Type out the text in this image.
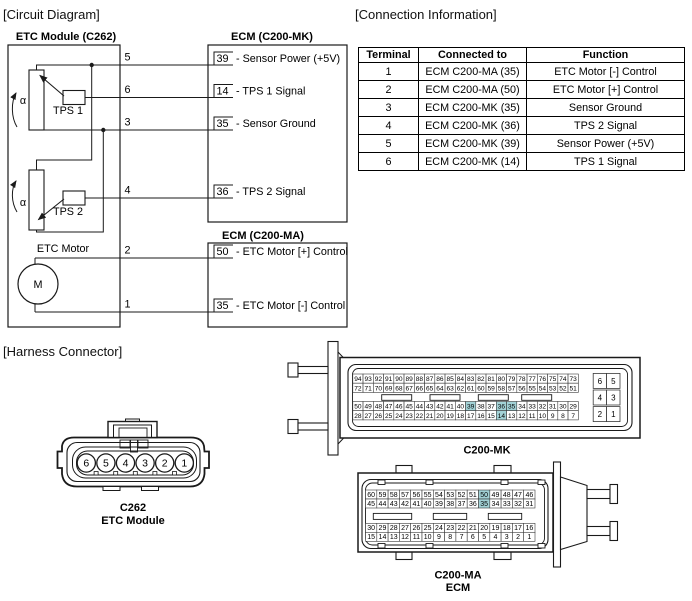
ETC Module (C262)	ECM (C200-MK)
ECM (C200-MA)
α
TPS 1
α
TPS 2
ETC Motor
M
5	39 - Sensor Power (+5V)
6	14 - TPS 1 Signal
3	35 - Sensor Ground
4	36 - TPS 2 Signal
2	50 - ETC Motor [+] Control
1	35 - ETC Motor [-] Control
6 5 4 3 2 1
C262
ETC Module
94 93 92 91 90 89 88 87 86 85 84 83 82 81 80 79 78 77 76 75 74 73
72 71 70 69 68 67 66 65 64 63 62 61 60 59 58 57 56 55 54 53 52 51
50 49 48 47 46 45 44 43 42 41 40 39 38 37 36 35 34 33 32 31 30 29
28 27 26 25 24 23 22 21 20 19 18 17 16 15 14 13 12 11 10 9 8 7
6 5
4 3
2 1
C200-MK
60 59 58 57 56 55 54 53 52 51 50 49 48 47 46
45 44 43 42 41 40 39 38 37 36 35 34 33 32 31
30 29 28 27 26 25 24 23 22 21 20 19 18 17 16
15 14 13 12 11 10 9 8 7 6 5 4 3 2 1
C200-MA
ECM
[Circuit Diagram]	[Connection Information]
[Harness Connector]
Terminal	Connected to	Function
1	ECM C200-MA (35)	ETC Motor [-] Control
2	ECM C200-MA (50)	ETC Motor [+] Control
3	ECM C200-MK (35)	Sensor Ground
4	ECM C200-MK (36)	TPS 2 Signal
5	ECM C200-MK (39)	Sensor Power (+5V)
6	ECM C200-MK (14)	TPS 1 Signal
